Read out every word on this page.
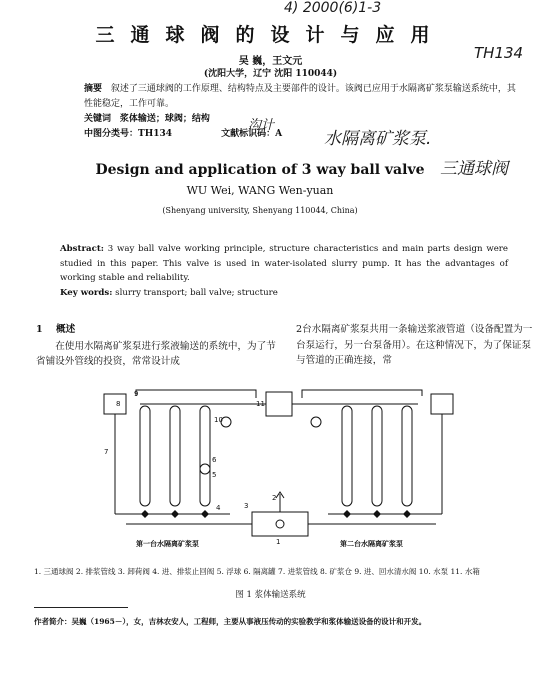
4) 2000(6)1-3
TH134
水隔离矿浆泵.
三通球阀
沟计
三通球阀的设计与应用
吴 巍，王文元
(沈阳大学，辽宁 沈阳 110044)
摘要 叙述了三通球阀的工作原理、结构特点及主要部件的设计。该阀已应用于水隔离矿浆泵输送系统中，其性能稳定，工作可靠。
关键词 浆体输送；球阀；结构
中图分类号：TH134	文献标识码：A
Design and application of 3 way ball valve
WU Wei, WANG Wen-yuan
(Shenyang university, Shenyang 110044, China)
Abstract: 3 way ball valve working principle, structure characteristics and main parts design were studied in this paper. This valve is used in water-isolated slurry pump. It has the advantages of working stable and reliability.
Key words: slurry transport; ball valve; structure
1 概述

在使用水隔离矿浆泵进行浆液输送的系统中，为了节省铺设外管线的投资，常常设计成

2台水隔离矿浆泵共用一条输送浆液管道（设备配置为一台泵运行，另一台泵备用）。在这种情况下，为了保证泵与管道的正确连接，常

8
7
9
10
11
6
5
4	3
2
1
第一台水隔离矿浆泵	第二台水隔离矿浆泵
1. 三通球阀 2. 排浆管线 3. 卸荷阀 4. 进、排浆止回阀 5. 浮球 6. 隔离罐 7. 进浆管线 8. 矿浆仓 9. 进、回水清水阀 10. 水泵 11. 水箱
图 1 浆体输送系统
作者简介：吴巍（1965－），女，吉林农安人，工程师，主要从事液压传动的实验教学和浆体输送设备的设计和开发。
